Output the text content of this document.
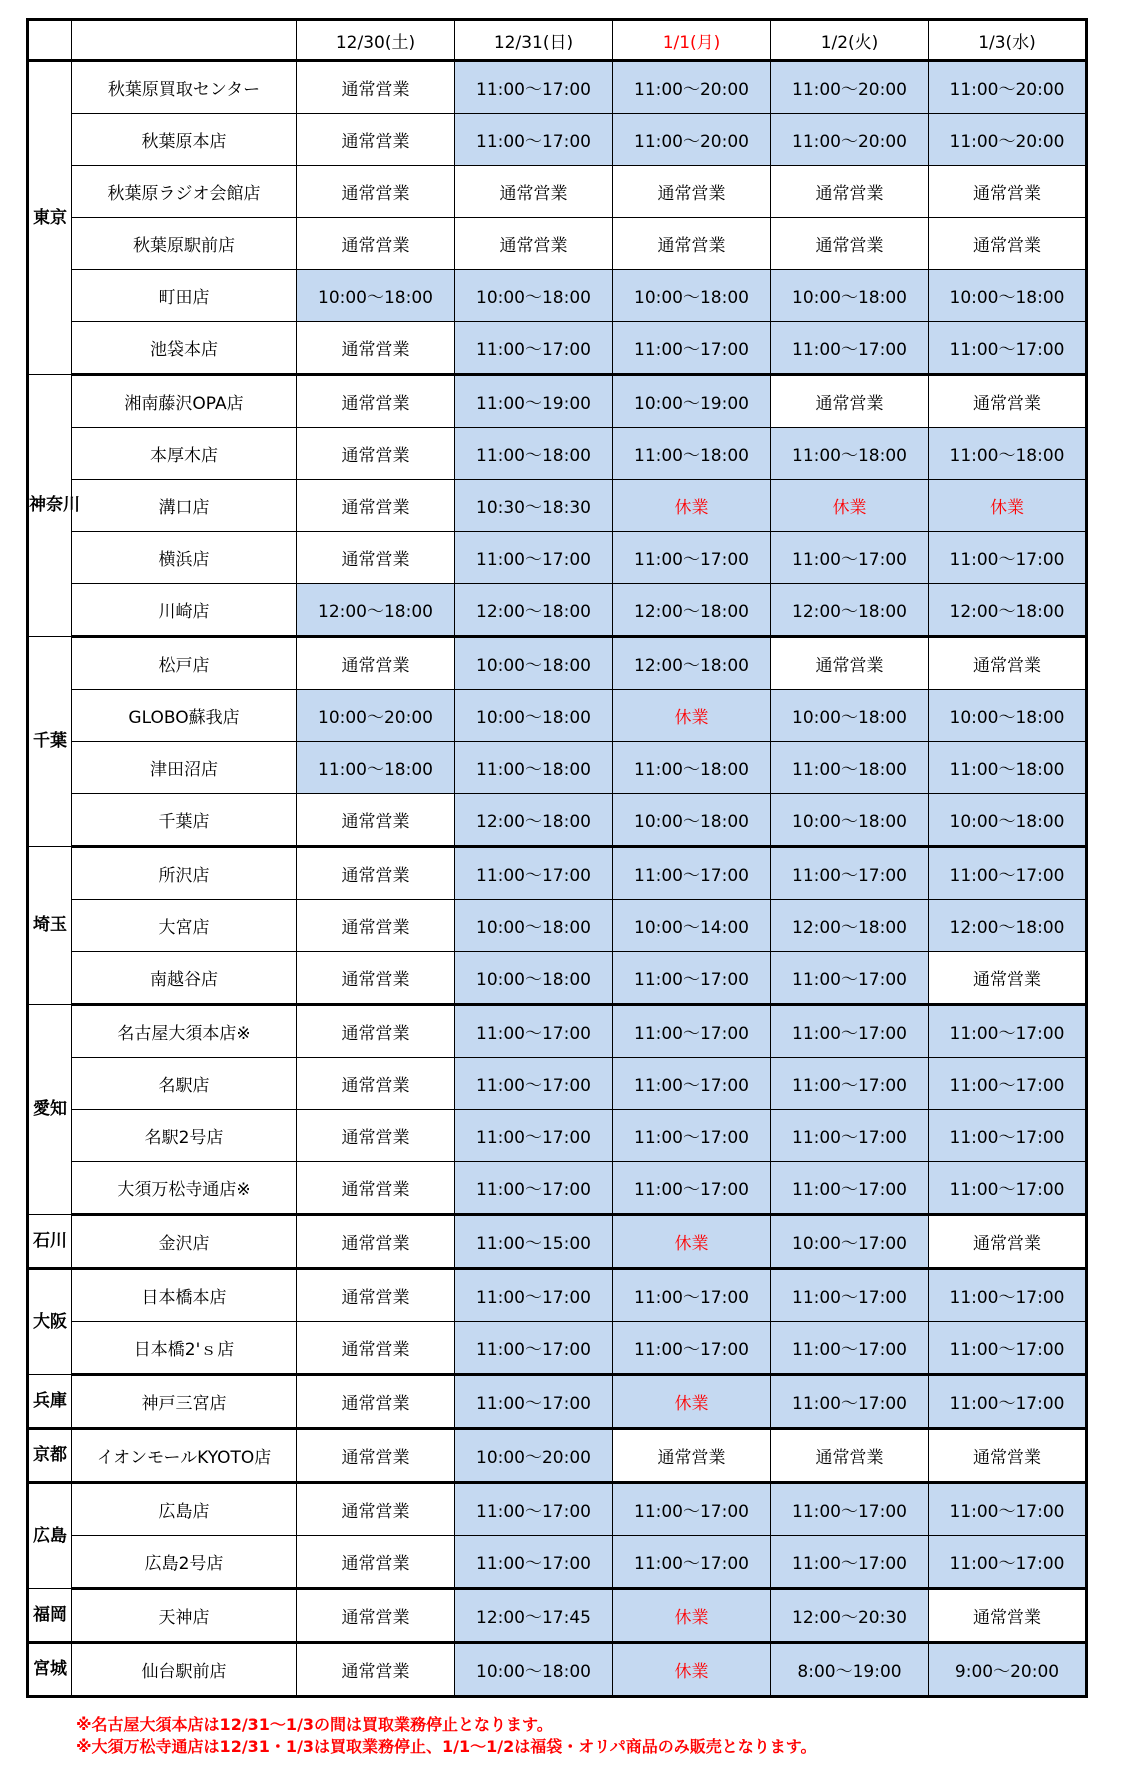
		12/30(土)	12/31(日)	1/1(月)	1/2(火)	1/3(水)
東京	秋葉原買取センター	通常営業	11:00〜17:00	11:00〜20:00	11:00〜20:00	11:00〜20:00
	秋葉原本店	通常営業	11:00〜17:00	11:00〜20:00	11:00〜20:00	11:00〜20:00
	秋葉原ラジオ会館店	通常営業	通常営業	通常営業	通常営業	通常営業
	秋葉原駅前店	通常営業	通常営業	通常営業	通常営業	通常営業
	町田店	10:00〜18:00	10:00〜18:00	10:00〜18:00	10:00〜18:00	10:00〜18:00
	池袋本店	通常営業	11:00〜17:00	11:00〜17:00	11:00〜17:00	11:00〜17:00
神奈川	湘南藤沢OPA店	通常営業	11:00〜19:00	10:00〜19:00	通常営業	通常営業
	本厚木店	通常営業	11:00〜18:00	11:00〜18:00	11:00〜18:00	11:00〜18:00
	溝口店	通常営業	10:30〜18:30	休業	休業	休業
	横浜店	通常営業	11:00〜17:00	11:00〜17:00	11:00〜17:00	11:00〜17:00
	川崎店	12:00〜18:00	12:00〜18:00	12:00〜18:00	12:00〜18:00	12:00〜18:00
千葉	松戸店	通常営業	10:00〜18:00	12:00〜18:00	通常営業	通常営業
	GLOBO蘇我店	10:00〜20:00	10:00〜18:00	休業	10:00〜18:00	10:00〜18:00
	津田沼店	11:00〜18:00	11:00〜18:00	11:00〜18:00	11:00〜18:00	11:00〜18:00
	千葉店	通常営業	12:00〜18:00	10:00〜18:00	10:00〜18:00	10:00〜18:00
埼玉	所沢店	通常営業	11:00〜17:00	11:00〜17:00	11:00〜17:00	11:00〜17:00
	大宮店	通常営業	10:00〜18:00	10:00〜14:00	12:00〜18:00	12:00〜18:00
	南越谷店	通常営業	10:00〜18:00	11:00〜17:00	11:00〜17:00	通常営業
愛知	名古屋大須本店※	通常営業	11:00〜17:00	11:00〜17:00	11:00〜17:00	11:00〜17:00
	名駅店	通常営業	11:00〜17:00	11:00〜17:00	11:00〜17:00	11:00〜17:00
	名駅2号店	通常営業	11:00〜17:00	11:00〜17:00	11:00〜17:00	11:00〜17:00
	大須万松寺通店※	通常営業	11:00〜17:00	11:00〜17:00	11:00〜17:00	11:00〜17:00
石川	金沢店	通常営業	11:00〜15:00	休業	10:00〜17:00	通常営業
大阪	日本橋本店	通常営業	11:00〜17:00	11:00〜17:00	11:00〜17:00	11:00〜17:00
	日本橋2'ｓ店	通常営業	11:00〜17:00	11:00〜17:00	11:00〜17:00	11:00〜17:00
兵庫	神戸三宮店	通常営業	11:00〜17:00	休業	11:00〜17:00	11:00〜17:00
京都	イオンモールKYOTO店	通常営業	10:00〜20:00	通常営業	通常営業	通常営業
広島	広島店	通常営業	11:00〜17:00	11:00〜17:00	11:00〜17:00	11:00〜17:00
	広島2号店	通常営業	11:00〜17:00	11:00〜17:00	11:00〜17:00	11:00〜17:00
福岡	天神店	通常営業	12:00〜17:45	休業	12:00〜20:30	通常営業
宮城	仙台駅前店	通常営業	10:00〜18:00	休業	8:00〜19:00	9:00〜20:00
※名古屋大須本店は12/31～1/3の間は買取業務停止となります。
※大須万松寺通店は12/31・1/3は買取業務停止、1/1～1/2は福袋・オリパ商品のみ販売となります。
